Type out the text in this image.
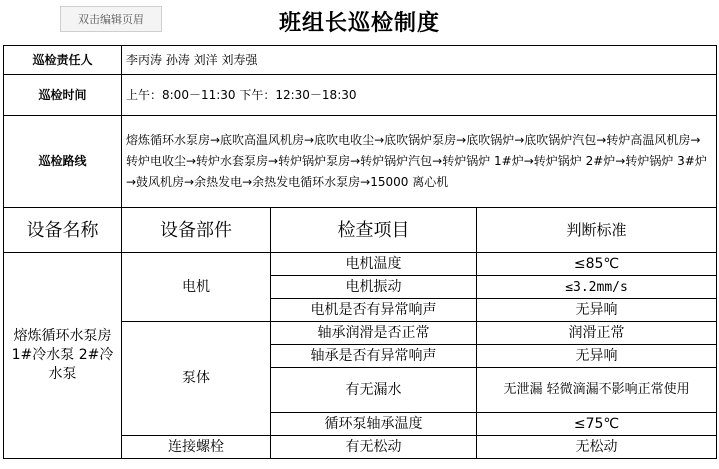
双击编辑页眉	班组长巡检制度
巡检责任人	李丙涛 孙涛 刘洋 刘寿强		
巡检时间	上午：8:00－11:30 下午：12:30－18:30		
巡检路线	熔炼循环水泵房→底吹高温风机房→底吹电收尘→底吹锅炉泵房→底吹锅炉→底吹锅炉汽包→转炉高温风机房→转炉电收尘→转炉水套泵房→转炉锅炉泵房→转炉锅炉汽包→转炉锅炉 1#炉→转炉锅炉 2#炉→转炉锅炉 3#炉→鼓风机房→余热发电→余热发电循环水泵房→15000 离心机		
设备名称	设备部件	检查项目	判断标准
熔炼循环水泵房 1#冷水泵 2#冷水泵	电机	电机温度	≤85℃
		电机振动	≤3.2mm/s
		电机是否有异常响声	无异响
	泵体	轴承润滑是否正常	润滑正常
		轴承是否有异常响声	无异响
		有无漏水	无泄漏 轻微滴漏不影响正常使用
		循环泵轴承温度	≤75℃
	连接螺栓	有无松动	无松动
